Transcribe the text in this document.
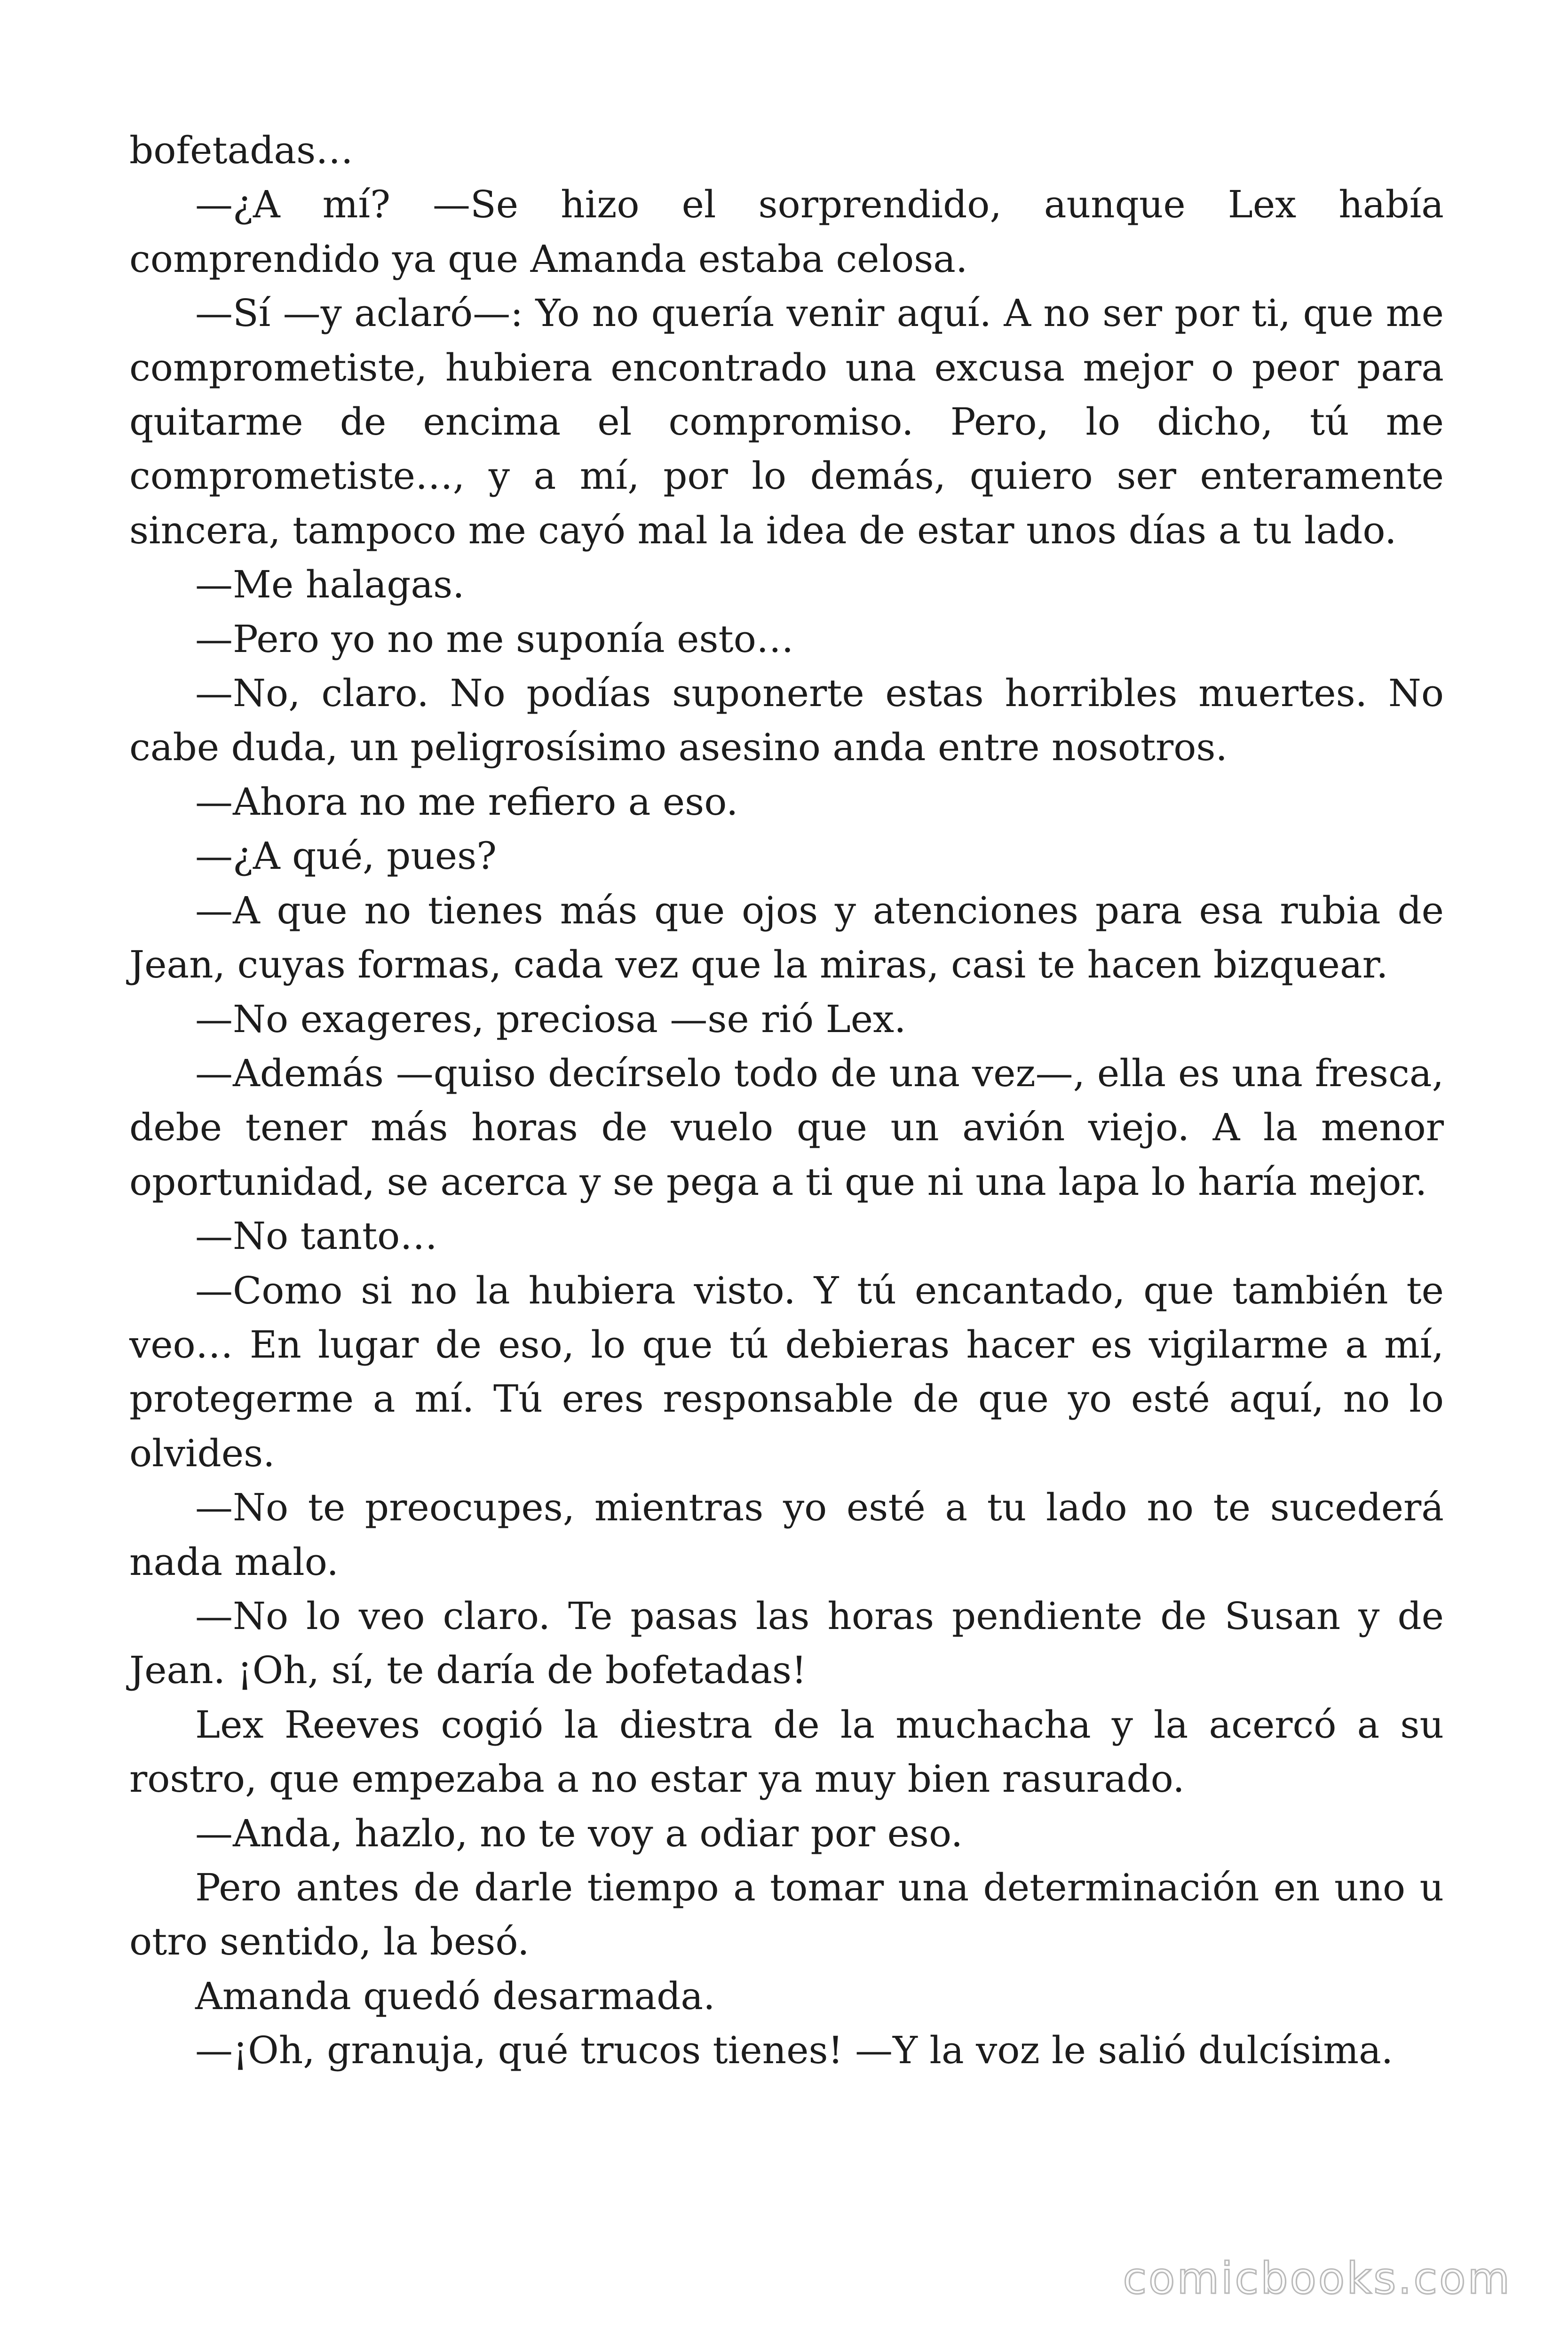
bofetadas…

—¿A mí? —Se hizo el sorprendido, aunque Lex había comprendido ya que Amanda estaba celosa.

—Sí —y aclaró—: Yo no quería venir aquí. A no ser por ti, que me comprometiste, hubiera encontrado una excusa mejor o peor para quitarme de encima el compromiso. Pero, lo dicho, tú me comprometiste…, y a mí, por lo demás, quiero ser enteramente sincera, tampoco me cayó mal la idea de estar unos días a tu lado.

—Me halagas.

—Pero yo no me suponía esto…

—No, claro. No podías suponerte estas horribles muertes. No cabe duda, un peligrosísimo asesino anda entre nosotros.

—Ahora no me refiero a eso.

—¿A qué, pues?

—A que no tienes más que ojos y atenciones para esa rubia de Jean, cuyas formas, cada vez que la miras, casi te hacen bizquear.

—No exageres, preciosa —se rió Lex.

—Además —quiso decírselo todo de una vez—, ella es una fresca, debe tener más horas de vuelo que un avión viejo. A la menor oportunidad, se acerca y se pega a ti que ni una lapa lo haría mejor.

—No tanto…

—Como si no la hubiera visto. Y tú encantado, que también te veo… En lugar de eso, lo que tú debieras hacer es vigilarme a mí, protegerme a mí. Tú eres responsable de que yo esté aquí, no lo olvides.

—No te preocupes, mientras yo esté a tu lado no te sucederá nada malo.

—No lo veo claro. Te pasas las horas pendiente de Susan y de Jean. ¡Oh, sí, te daría de bofetadas!

Lex Reeves cogió la diestra de la muchacha y la acercó a su rostro, que empezaba a no estar ya muy bien rasurado.

—Anda, hazlo, no te voy a odiar por eso.

Pero antes de darle tiempo a tomar una determinación en uno u otro sentido, la besó.

Amanda quedó desarmada.

—¡Oh, granuja, qué trucos tienes! —Y la voz le salió dulcísima.

comicbooks.com
